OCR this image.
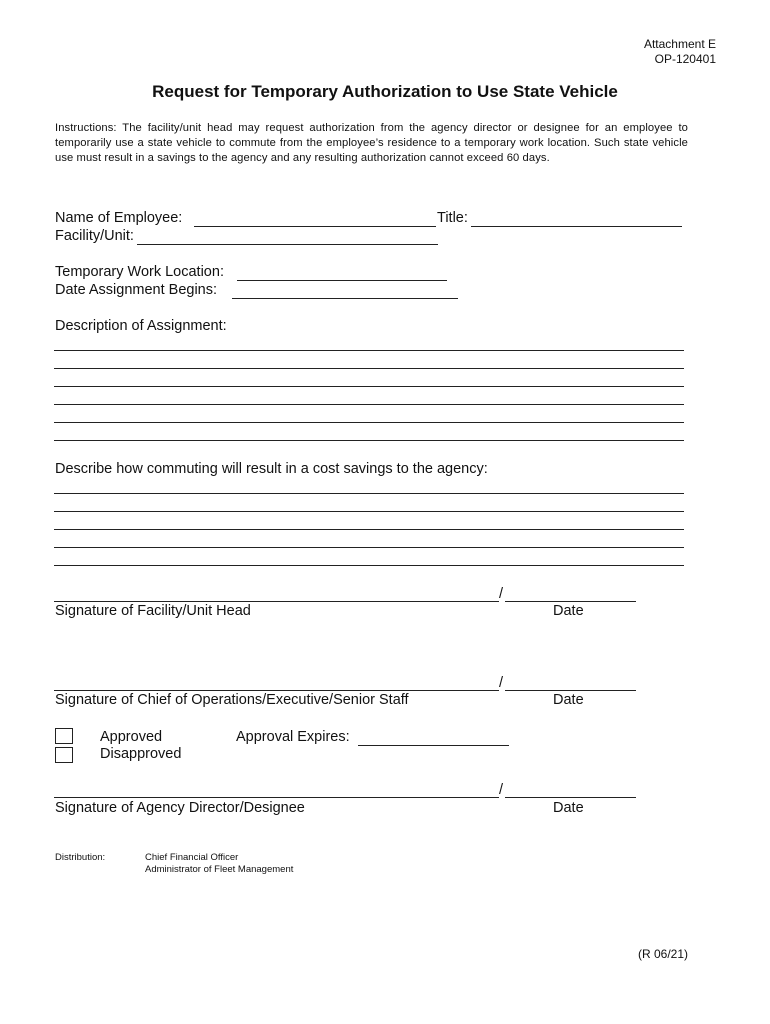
Attachment E
OP-120401
Request for Temporary Authorization to Use State Vehicle
Instructions: The facility/unit head may request authorization from the agency director or designee for an employee to temporarily use a state vehicle to commute from the employee’s residence to a temporary work location. Such state vehicle use must result in a savings to the agency and any resulting authorization cannot exceed 60 days.
Name of Employee:	Title:
Facility/Unit:
Temporary Work Location:
Date Assignment Begins:
Description of Assignment:
Describe how commuting will result in a cost savings to the agency:
/
Signature of Facility/Unit Head	Date
/
Signature of Chief of Operations/Executive/Senior Staff	Date
Approved	Approval Expires:
Disapproved
/
Signature of Agency Director/Designee	Date
Distribution:	Chief Financial Officer
Administrator of Fleet Management
(R 06/21)
